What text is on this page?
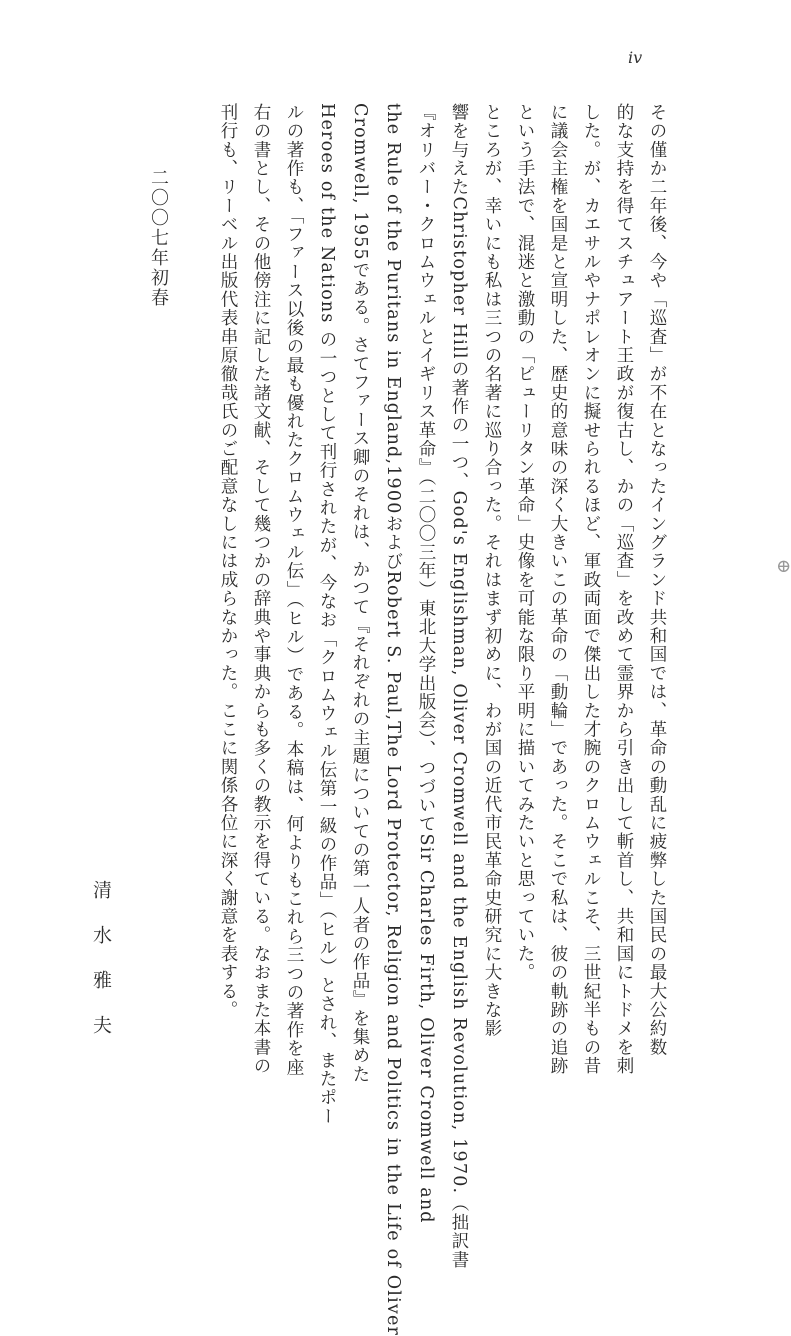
iv
その僅か二年後、今や「巡査」が不在となったイングランド共和国では、革命の動乱に疲弊した国民の最大公約数
的な支持を得てスチュアート王政が復古し、かの「巡査」を改めて霊界から引き出して斬首し、共和国にトドメを刺
した。が、カエサルやナポレオンに擬せられるほど、軍政両面で傑出した才腕のクロムウェルこそ、三世紀半もの昔
に議会主権を国是と宣明した、歴史的意味の深く大きいこの革命の「動輪」であった。そこで私は、彼の軌跡の追跡
という手法で、混迷と激動の「ピューリタン革命」史像を可能な限り平明に描いてみたいと思っていた。
ところが、幸いにも私は三つの名著に巡り合った。それはまず初めに、わが国の近代市民革命史研究に大きな影
響を与えたChristopher Hillの著作の一つ、God's Englishman, Oliver Cromwell and the English Revolution, 1970.（拙訳書
『オリバー・クロムウェルとイギリス革命』（二〇〇三年）東北大学出版会）、つづいてSir Charles Firth, Oliver Cromwell and
the Rule of the Puritans in England,1900およびRobert S. Paul,The Lord Protector, Religion and Politics in the Life of Oliver
Cromwell, 1955である。さてファース卿のそれは、かつて『それぞれの主題についての第一人者の作品』を集めた
Heroes of the Nations の一つとして刊行されたが、今なお「クロムウェル伝第一級の作品」（ヒル）とされ、またポー
ルの著作も、「ファース以後の最も優れたクロムウェル伝」（ヒル）である。本稿は、何よりもこれら三つの著作を座
右の書とし、その他傍注に記した諸文献、そして幾つかの辞典や事典からも多くの教示を得ている。なおまた本書の
刊行も、リーベル出版代表串原徹哉氏のご配意なしには成らなかった。ここに関係各位に深く謝意を表する。
二〇〇七年初春
清水雅夫
⊕
